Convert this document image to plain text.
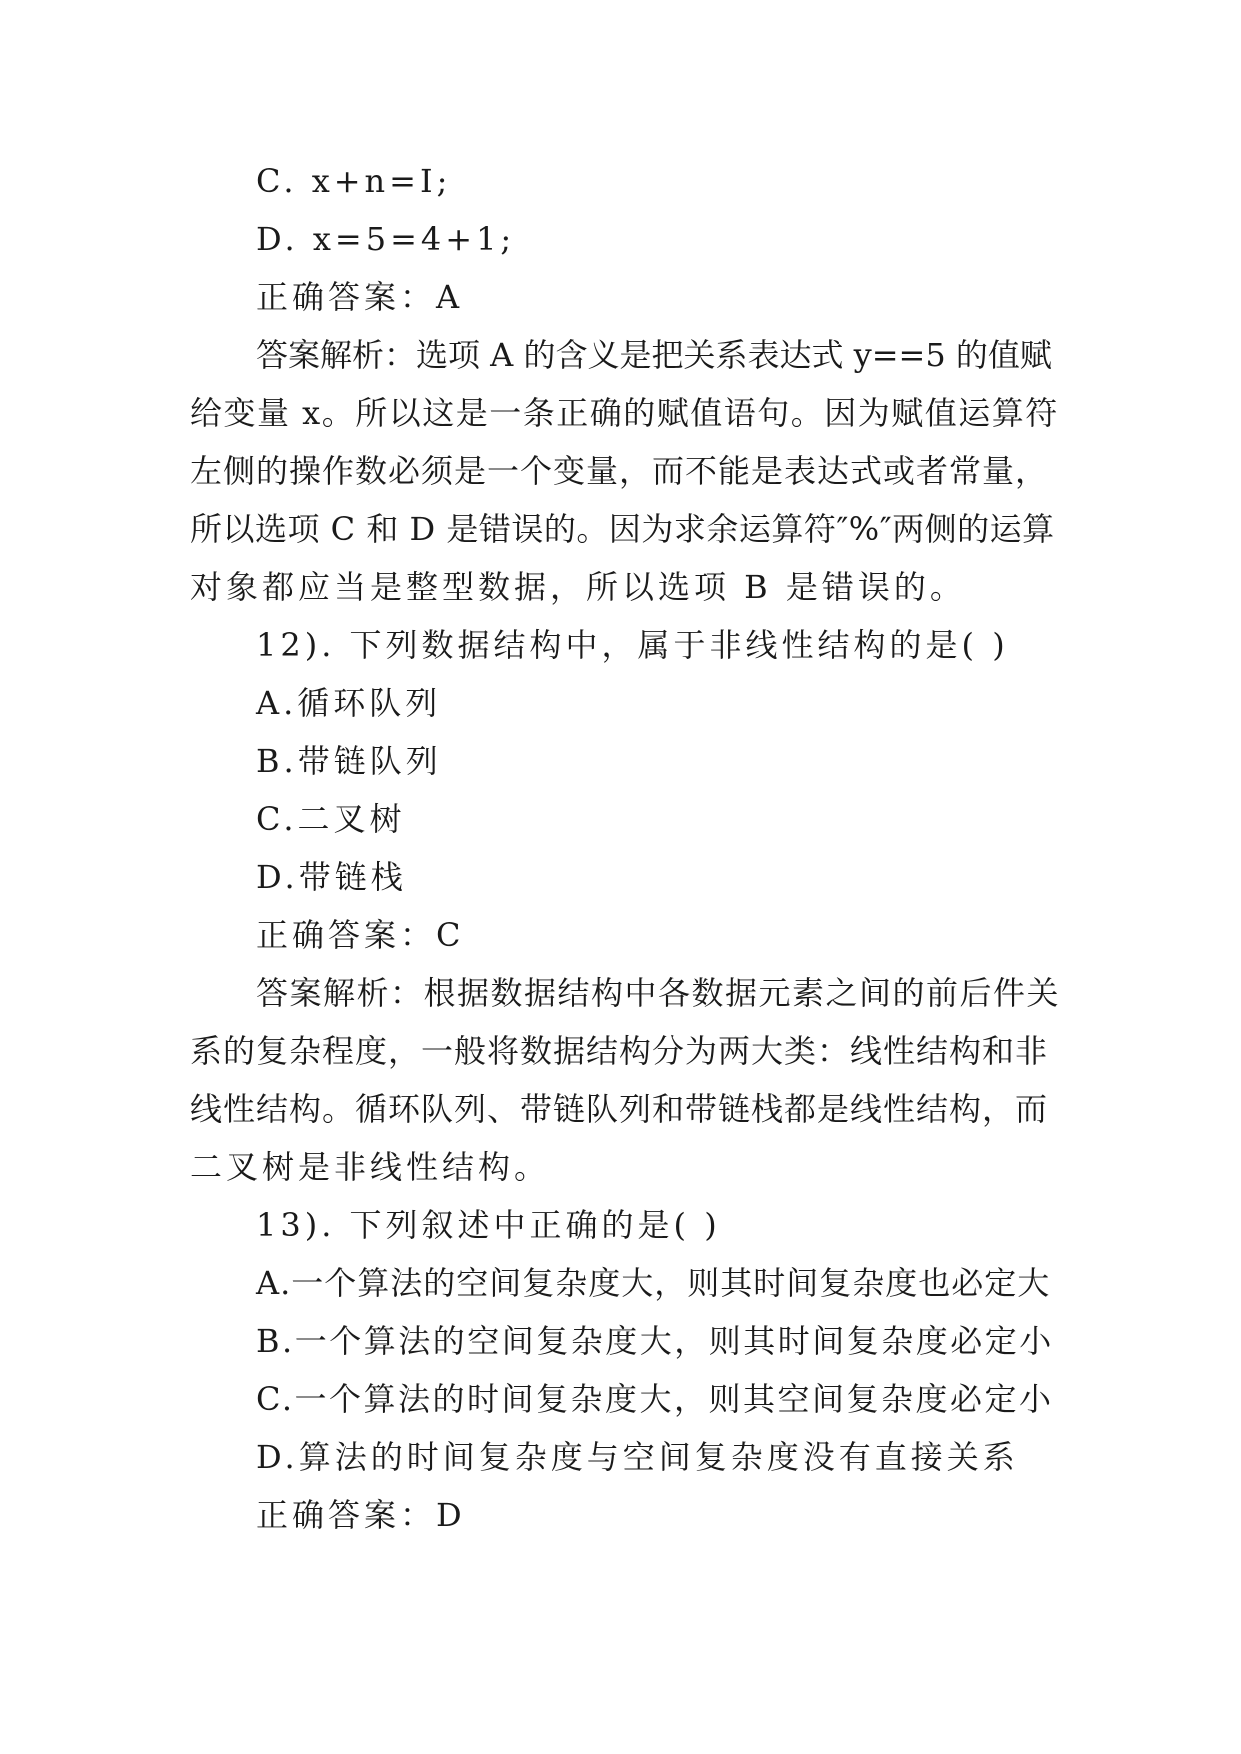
C. x+n=I;
D. x=5=4+1;
正确答案：A
答案解析：选项 A 的含义是把关系表达式 y==5 的值赋
给变量 x。所以这是一条正确的赋值语句。因为赋值运算符
左侧的操作数必须是一个变量，而不能是表达式或者常量，
所以选项 C 和 D 是错误的。因为求余运算符″%″两侧的运算
对象都应当是整型数据，所以选项 B 是错误的。
12). 下列数据结构中，属于非线性结构的是( )
A.循环队列
B.带链队列
C.二叉树
D.带链栈
正确答案：C
答案解析：根据数据结构中各数据元素之间的前后件关
系的复杂程度，一般将数据结构分为两大类：线性结构和非
线性结构。循环队列、带链队列和带链栈都是线性结构，而
二叉树是非线性结构。
13). 下列叙述中正确的是( )
A.一个算法的空间复杂度大，则其时间复杂度也必定大
B.一个算法的空间复杂度大，则其时间复杂度必定小
C.一个算法的时间复杂度大，则其空间复杂度必定小
D.算法的时间复杂度与空间复杂度没有直接关系
正确答案：D
